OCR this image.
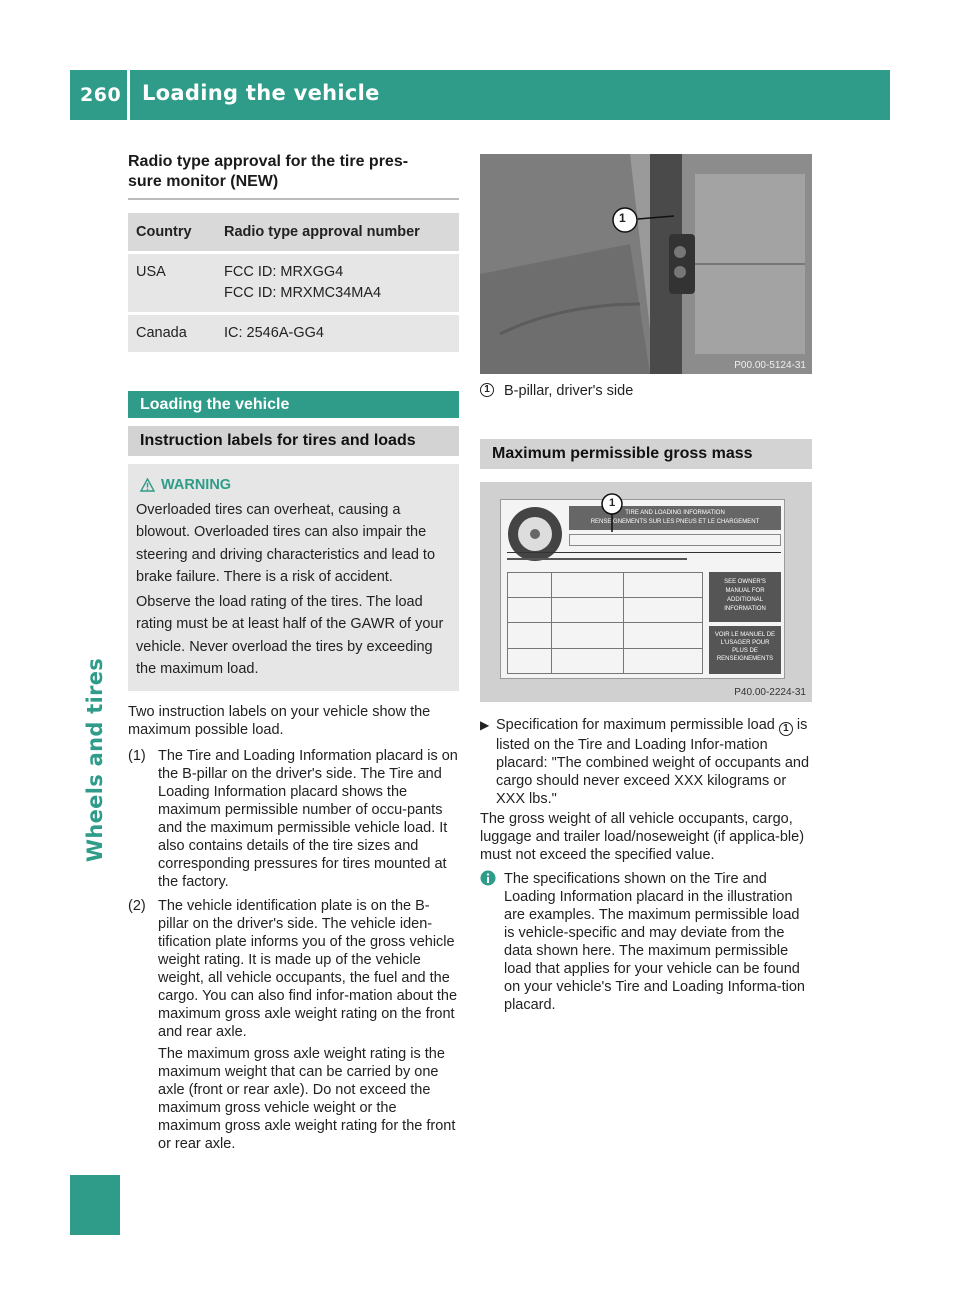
260 Loading the vehicle
Wheels and tires
Radio type approval for the tire pres-
sure monitor (NEW)
Country	Radio type approval number
USA	FCC ID: MRXGG4
FCC ID: MRXMC34MA4

Canada	IC: 2546A-GG4
Loading the vehicle
Instruction labels for tires and loads
WARNING
Overloaded tires can overheat, causing a blowout. Overloaded tires can also impair the steering and driving characteristics and lead to brake failure. There is a risk of accident.
Observe the load rating of the tires. The load rating must be at least half of the GAWR of your vehicle. Never overload the tires by exceeding the maximum load.
Two instruction labels on your vehicle show the maximum possible load.
(1) The Tire and Loading Information placard is on the B-pillar on the driver's side. The Tire and Loading Information placard shows the maximum permissible number of occu-pants and the maximum permissible vehicle load. It also contains details of the tire sizes and corresponding pressures for tires mounted at the factory.
(2) The vehicle identification plate is on the B-pillar on the driver's side. The vehicle iden-tification plate informs you of the gross vehicle weight rating. It is made up of the vehicle weight, all vehicle occupants, the fuel and the cargo. You can also find infor-mation about the maximum gross axle weight rating on the front and rear axle.
The maximum gross axle weight rating is the maximum weight that can be carried by one axle (front or rear axle). Do not exceed the maximum gross vehicle weight or the maximum gross axle weight rating for the front or rear axle.
1
P00.00-5124-31
1 B-pillar, driver's side
Maximum permissible gross mass
TIRE AND LOADING INFORMATION
RENSEIGNEMENTS SUR LES PNEUS ET LE CHARGEMENT
SEE OWNER'S MANUAL FOR ADDITIONAL INFORMATION
VOIR LE MANUEL DE L'USAGER POUR PLUS DE RENSEIGNEMENTS
1
P40.00-2224-31
▶ Specification for maximum permissible load 1 is listed on the Tire and Loading Infor-mation placard: "The combined weight of occupants and cargo should never exceed XXX kilograms or XXX lbs."
The gross weight of all vehicle occupants, cargo, luggage and trailer load/noseweight (if applica-ble) must not exceed the specified value.
The specifications shown on the Tire and Loading Information placard in the illustration are examples. The maximum permissible load is vehicle-specific and may deviate from the data shown here. The maximum permissible load that applies for your vehicle can be found on your vehicle's Tire and Loading Informa-tion placard.
